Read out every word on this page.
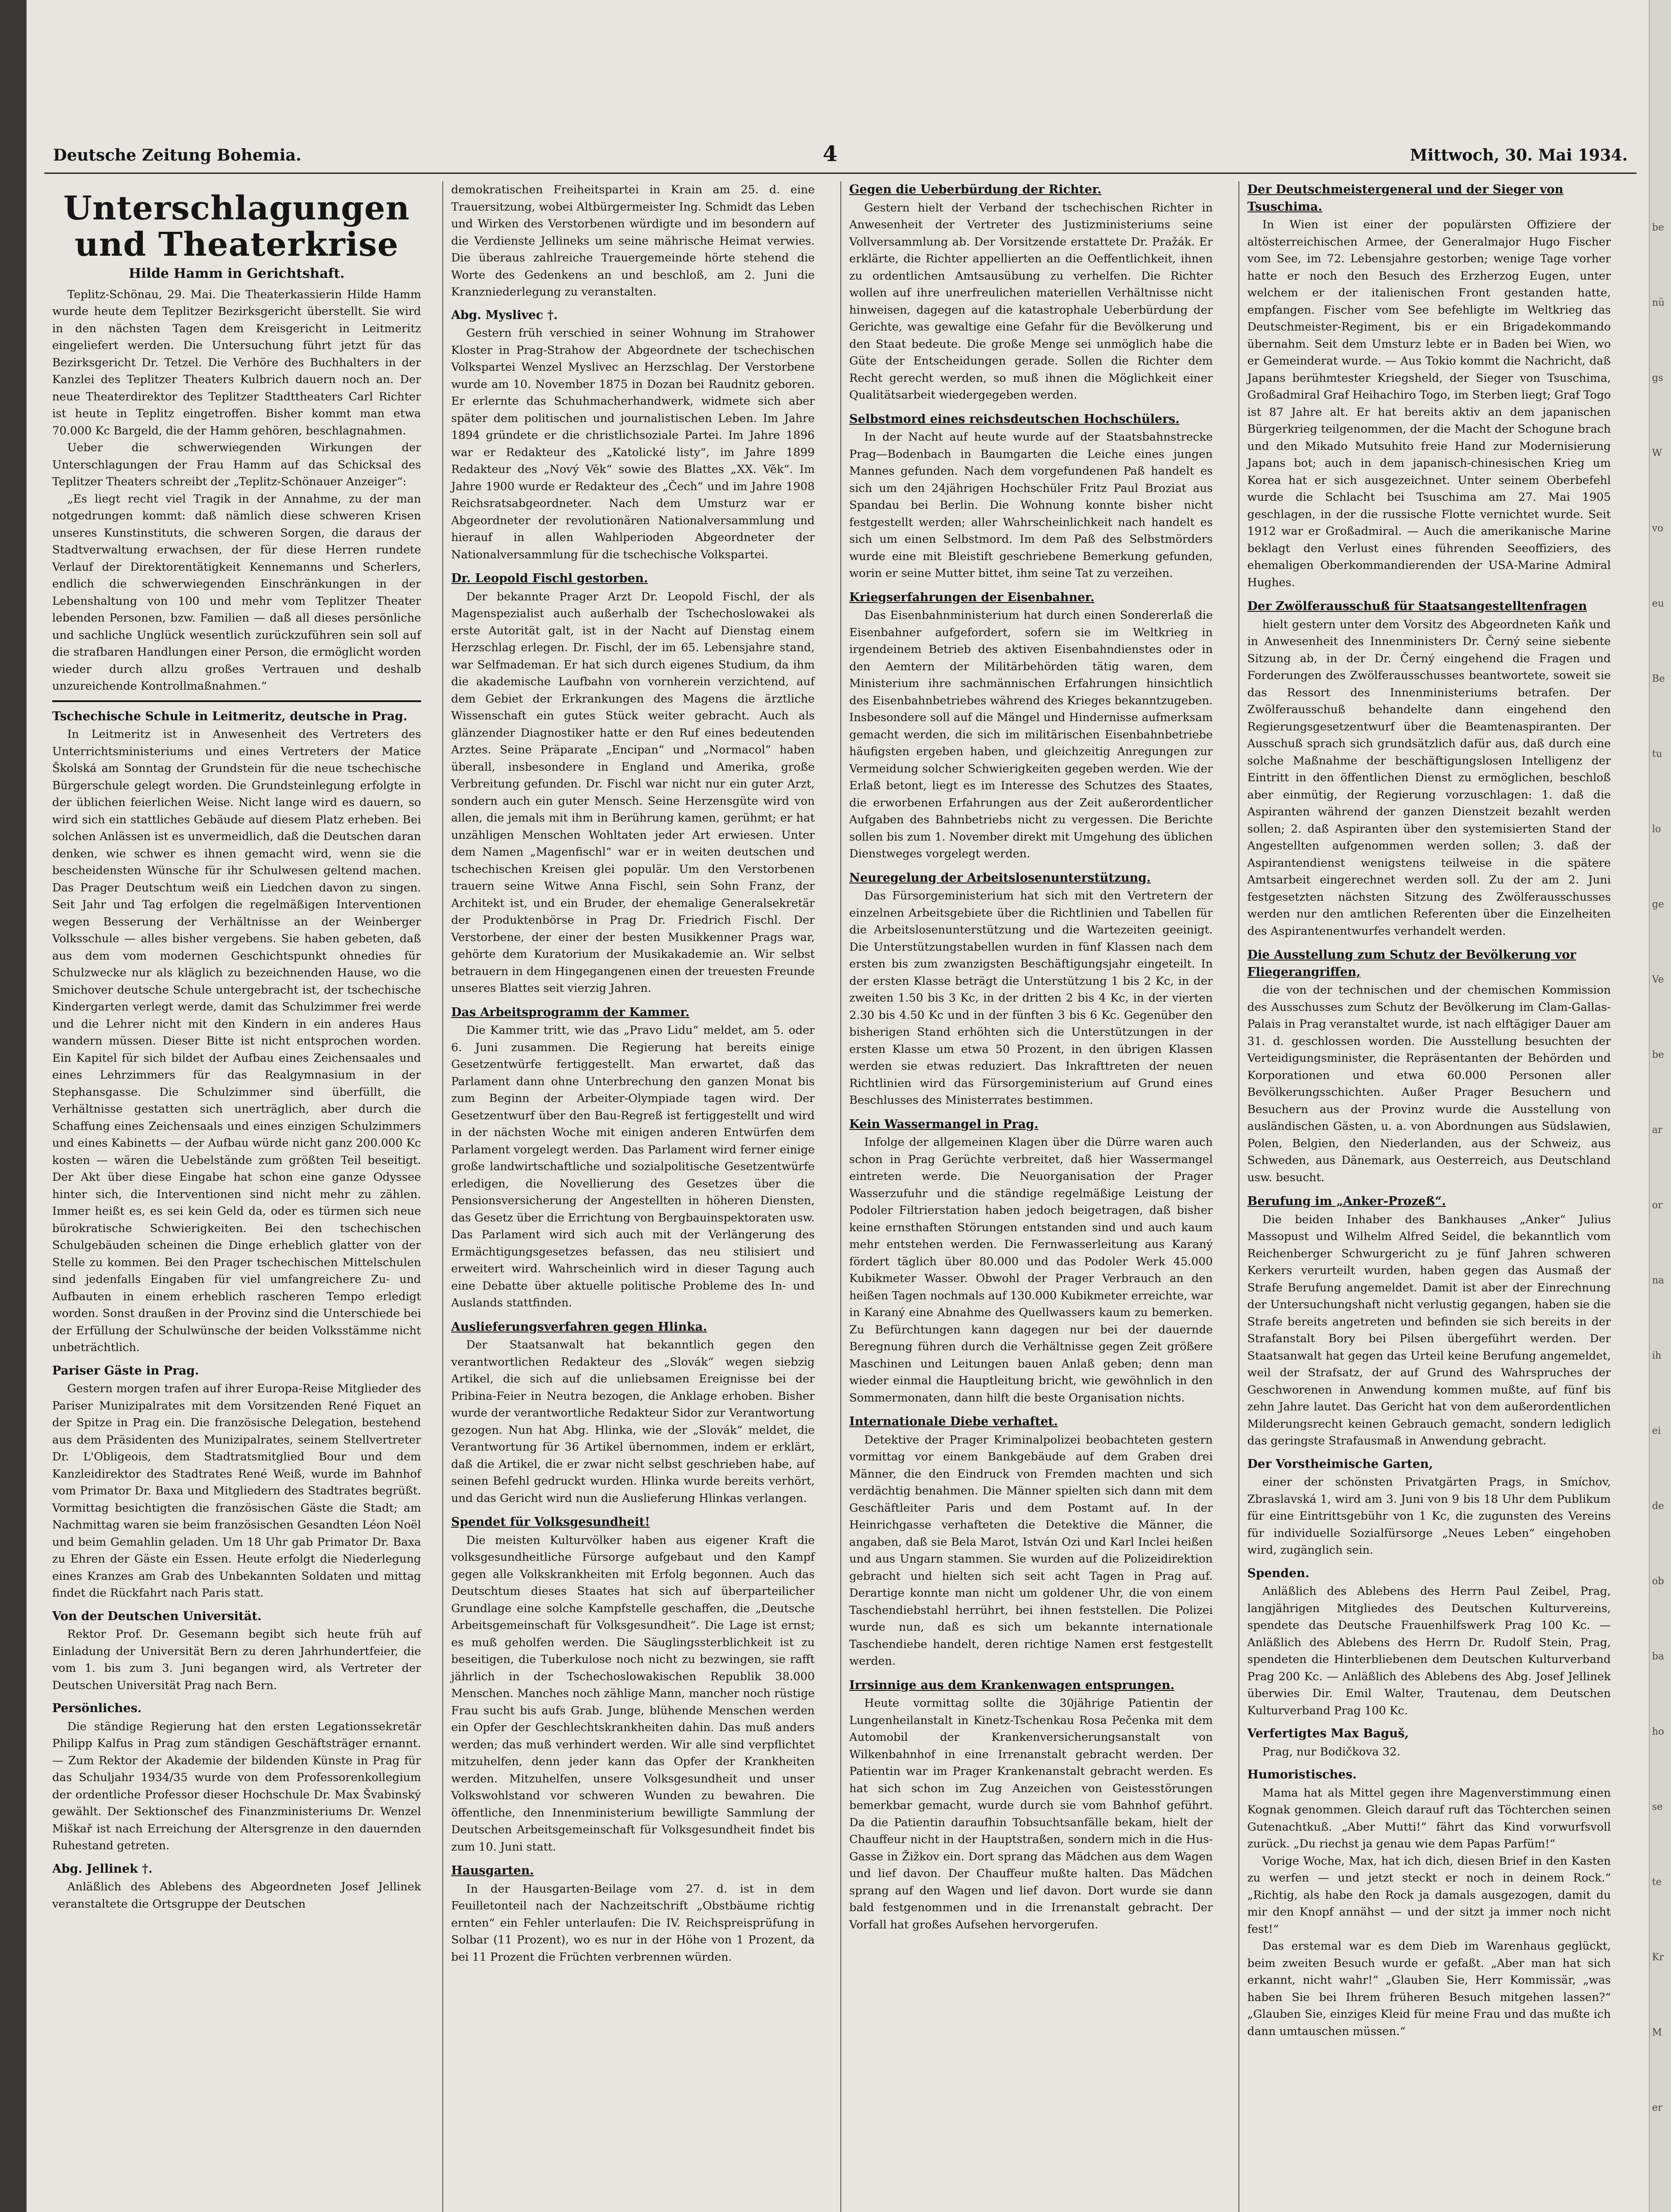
be
nü
gs
W
vo
eu
Be
tu
lo
ge
Ve
be
ar
or
na
ih
ei
de
ob
ba
ho
se
te
Kr
M
er
Deutsche Zeitung Bohemia.	4	Mittwoch, 30. Mai 1934.
Unterschlagungen und Theaterkrise
Hilde Hamm in Gerichtshaft.

Teplitz-Schönau, 29. Mai. Die Theaterkassierin Hilde Hamm wurde heute dem Teplitzer Bezirksgericht überstellt. Sie wird in den nächsten Tagen dem Kreisgericht in Leitmeritz eingeliefert werden. Die Untersuchung führt jetzt für das Bezirksgericht Dr. Tetzel. Die Verhöre des Buchhalters in der Kanzlei des Teplitzer Theaters Kulbrich dauern noch an. Der neue Theaterdirektor des Teplitzer Stadttheaters Carl Richter ist heute in Teplitz eingetroffen. Bisher kommt man etwa 70.000 Kc Bargeld, die der Hamm gehören, beschlagnahmen.

Ueber die schwerwiegenden Wirkungen der Unterschlagungen der Frau Hamm auf das Schicksal des Teplitzer Theaters schreibt der „Teplitz-Schönauer Anzeiger“:

„Es liegt recht viel Tragik in der Annahme, zu der man notgedrungen kommt: daß nämlich diese schweren Krisen unseres Kunstinstituts, die schweren Sorgen, die daraus der Stadtverwaltung erwachsen, der für diese Herren rundete Verlauf der Direktorentätigkeit Kennemanns und Scherlers, endlich die schwerwiegenden Einschränkungen in der Lebenshaltung von 100 und mehr vom Teplitzer Theater lebenden Personen, bzw. Familien — daß all dieses persönliche und sachliche Unglück wesentlich zurückzuführen sein soll auf die strafbaren Handlungen einer Person, die ermöglicht worden wieder durch allzu großes Vertrauen und deshalb unzureichende Kontrollmaßnahmen.“

Tschechische Schule in Leitmeritz, deutsche in Prag.

In Leitmeritz ist in Anwesenheit des Vertreters des Unterrichtsministeriums und eines Vertreters der Matice Školská am Sonntag der Grundstein für die neue tschechische Bürgerschule gelegt worden. Die Grundsteinlegung erfolgte in der üblichen feierlichen Weise. Nicht lange wird es dauern, so wird sich ein stattliches Gebäude auf diesem Platz erheben. Bei solchen Anlässen ist es unvermeidlich, daß die Deutschen daran denken, wie schwer es ihnen gemacht wird, wenn sie die bescheidensten Wünsche für ihr Schulwesen geltend machen. Das Prager Deutschtum weiß ein Liedchen davon zu singen. Seit Jahr und Tag erfolgen die regelmäßigen Interventionen wegen Besserung der Verhältnisse an der Weinberger Volksschule — alles bisher vergebens. Sie haben gebeten, daß aus dem vom modernen Geschichtspunkt ohnedies für Schulzwecke nur als kläglich zu bezeichnenden Hause, wo die Smichover deutsche Schule untergebracht ist, der tschechische Kindergarten verlegt werde, damit das Schulzimmer frei werde und die Lehrer nicht mit den Kindern in ein anderes Haus wandern müssen. Dieser Bitte ist nicht entsprochen worden. Ein Kapitel für sich bildet der Aufbau eines Zeichensaales und eines Lehrzimmers für das Realgymnasium in der Stephansgasse. Die Schulzimmer sind überfüllt, die Verhältnisse gestatten sich unerträglich, aber durch die Schaffung eines Zeichensaals und eines einzigen Schulzimmers und eines Kabinetts — der Aufbau würde nicht ganz 200.000 Kc kosten — wären die Uebelstände zum größten Teil beseitigt. Der Akt über diese Eingabe hat schon eine ganze Odyssee hinter sich, die Interventionen sind nicht mehr zu zählen. Immer heißt es, es sei kein Geld da, oder es türmen sich neue bürokratische Schwierigkeiten. Bei den tschechischen Schulgebäuden scheinen die Dinge erheblich glatter von der Stelle zu kommen. Bei den Prager tschechischen Mittelschulen sind jedenfalls Eingaben für viel umfangreichere Zu- und Aufbauten in einem erheblich rascheren Tempo erledigt worden. Sonst draußen in der Provinz sind die Unterschiede bei der Erfüllung der Schulwünsche der beiden Volksstämme nicht unbeträchtlich.

Pariser Gäste in Prag.

Gestern morgen trafen auf ihrer Europa-Reise Mitglieder des Pariser Munizipalrates mit dem Vorsitzenden René Fiquet an der Spitze in Prag ein. Die französische Delegation, bestehend aus dem Präsidenten des Munizipalrates, seinem Stellvertreter Dr. L'Obligeois, dem Stadtratsmitglied Bour und dem Kanzleidirektor des Stadtrates René Weiß, wurde im Bahnhof vom Primator Dr. Baxa und Mitgliedern des Stadtrates begrüßt. Vormittag besichtigten die französischen Gäste die Stadt; am Nachmittag waren sie beim französischen Gesandten Léon Noël und beim Gemahlin geladen. Um 18 Uhr gab Primator Dr. Baxa zu Ehren der Gäste ein Essen. Heute erfolgt die Niederlegung eines Kranzes am Grab des Unbekannten Soldaten und mittag findet die Rückfahrt nach Paris statt.

Von der Deutschen Universität.

Rektor Prof. Dr. Gesemann begibt sich heute früh auf Einladung der Universität Bern zu deren Jahrhundertfeier, die vom 1. bis zum 3. Juni begangen wird, als Vertreter der Deutschen Universität Prag nach Bern.

Persönliches.

Die ständige Regierung hat den ersten Legationssekretär Philipp Kalfus in Prag zum ständigen Geschäftsträger ernannt. — Zum Rektor der Akademie der bildenden Künste in Prag für das Schuljahr 1934/35 wurde von dem Professorenkollegium der ordentliche Professor dieser Hochschule Dr. Max Švabinský gewählt. Der Sektionschef des Finanzministeriums Dr. Wenzel Miškař ist nach Erreichung der Altersgrenze in den dauernden Ruhestand getreten.

Abg. Jellinek †.

Anläßlich des Ablebens des Abgeordneten Josef Jellinek veranstaltete die Ortsgruppe der Deutschen

demokratischen Freiheitspartei in Krain am 25. d. eine Trauersitzung, wobei Altbürgermeister Ing. Schmidt das Leben und Wirken des Verstorbenen würdigte und im besondern auf die Verdienste Jellineks um seine mährische Heimat verwies. Die überaus zahlreiche Trauergemeinde hörte stehend die Worte des Gedenkens an und beschloß, am 2. Juni die Kranzniederlegung zu veranstalten.

Abg. Myslivec †.

Gestern früh verschied in seiner Wohnung im Strahower Kloster in Prag-Strahow der Abgeordnete der tschechischen Volkspartei Wenzel Myslivec an Herzschlag. Der Verstorbene wurde am 10. November 1875 in Dozan bei Raudnitz geboren. Er erlernte das Schuhmacherhandwerk, widmete sich aber später dem politischen und journalistischen Leben. Im Jahre 1894 gründete er die christlichsoziale Partei. Im Jahre 1896 war er Redakteur des „Katolické listy“, im Jahre 1899 Redakteur des „Nový Věk“ sowie des Blattes „XX. Věk“. Im Jahre 1900 wurde er Redakteur des „Čech“ und im Jahre 1908 Reichsratsabgeordneter. Nach dem Umsturz war er Abgeordneter der revolutionären Nationalversammlung und hierauf in allen Wahlperioden Abgeordneter der Nationalversammlung für die tschechische Volkspartei.

Dr. Leopold Fischl gestorben.

Der bekannte Prager Arzt Dr. Leopold Fischl, der als Magenspezialist auch außerhalb der Tschechoslowakei als erste Autorität galt, ist in der Nacht auf Dienstag einem Herzschlag erlegen. Dr. Fischl, der im 65. Lebensjahre stand, war Selfmademan. Er hat sich durch eigenes Studium, da ihm die akademische Laufbahn von vornherein verzichtend, auf dem Gebiet der Erkrankungen des Magens die ärztliche Wissenschaft ein gutes Stück weiter gebracht. Auch als glänzender Diagnostiker hatte er den Ruf eines bedeutenden Arztes. Seine Präparate „Encipan“ und „Normacol“ haben überall, insbesondere in England und Amerika, große Verbreitung gefunden. Dr. Fischl war nicht nur ein guter Arzt, sondern auch ein guter Mensch. Seine Herzensgüte wird von allen, die jemals mit ihm in Berührung kamen, gerühmt; er hat unzähligen Menschen Wohltaten jeder Art erwiesen. Unter dem Namen „Magenfischl“ war er in weiten deutschen und tschechischen Kreisen glei populär. Um den Verstorbenen trauern seine Witwe Anna Fischl, sein Sohn Franz, der Architekt ist, und ein Bruder, der ehemalige Generalsekretär der Produktenbörse in Prag Dr. Friedrich Fischl. Der Verstorbene, der einer der besten Musikkenner Prags war, gehörte dem Kuratorium der Musikakademie an. Wir selbst betrauern in dem Hingegangenen einen der treuesten Freunde unseres Blattes seit vierzig Jahren.

Das Arbeitsprogramm der Kammer.

Die Kammer tritt, wie das „Pravo Lidu“ meldet, am 5. oder 6. Juni zusammen. Die Regierung hat bereits einige Gesetzentwürfe fertiggestellt. Man erwartet, daß das Parlament dann ohne Unterbrechung den ganzen Monat bis zum Beginn der Arbeiter-Olympiade tagen wird. Der Gesetzentwurf über den Bau-Regreß ist fertiggestellt und wird in der nächsten Woche mit einigen anderen Entwürfen dem Parlament vorgelegt werden. Das Parlament wird ferner einige große landwirtschaftliche und sozialpolitische Gesetzentwürfe erledigen, die Novellierung des Gesetzes über die Pensionsversicherung der Angestellten in höheren Diensten, das Gesetz über die Errichtung von Bergbauinspektoraten usw. Das Parlament wird sich auch mit der Verlängerung des Ermächtigungsgesetzes befassen, das neu stilisiert und erweitert wird. Wahrscheinlich wird in dieser Tagung auch eine Debatte über aktuelle politische Probleme des In- und Auslands stattfinden.

Auslieferungsverfahren gegen Hlinka.

Der Staatsanwalt hat bekanntlich gegen den verantwortlichen Redakteur des „Slovák“ wegen siebzig Artikel, die sich auf die unliebsamen Ereignisse bei der Pribina-Feier in Neutra bezogen, die Anklage erhoben. Bisher wurde der verantwortliche Redakteur Sidor zur Verantwortung gezogen. Nun hat Abg. Hlinka, wie der „Slovák“ meldet, die Verantwortung für 36 Artikel übernommen, indem er erklärt, daß die Artikel, die er zwar nicht selbst geschrieben habe, auf seinen Befehl gedruckt wurden. Hlinka wurde bereits verhört, und das Gericht wird nun die Auslieferung Hlinkas verlangen.

Spendet für Volksgesundheit!

Die meisten Kulturvölker haben aus eigener Kraft die volksgesundheitliche Fürsorge aufgebaut und den Kampf gegen alle Volkskrankheiten mit Erfolg begonnen. Auch das Deutschtum dieses Staates hat sich auf überparteilicher Grundlage eine solche Kampfstelle geschaffen, die „Deutsche Arbeitsgemeinschaft für Volksgesundheit“. Die Lage ist ernst; es muß geholfen werden. Die Säuglingssterblichkeit ist zu beseitigen, die Tuberkulose noch nicht zu bezwingen, sie rafft jährlich in der Tschechoslowakischen Republik 38.000 Menschen. Manches noch zählige Mann, mancher noch rüstige Frau sucht bis aufs Grab. Junge, blühende Menschen werden ein Opfer der Geschlechtskrankheiten dahin. Das muß anders werden; das muß verhindert werden. Wir alle sind verpflichtet mitzuhelfen, denn jeder kann das Opfer der Krankheiten werden. Mitzuhelfen, unsere Volksgesundheit und unser Volkswohlstand vor schweren Wunden zu bewahren. Die öffentliche, den Innenministerium bewilligte Sammlung der Deutschen Arbeitsgemeinschaft für Volksgesundheit findet bis zum 10. Juni statt.

Hausgarten.

In der Hausgarten-Beilage vom 27. d. ist in dem Feuilletonteil nach der Nachzeitschrift „Obstbäume richtig ernten“ ein Fehler unterlaufen: Die IV. Reichspreisprüfung in Solbar (11 Prozent), wo es nur in der Höhe von 1 Prozent, da bei 11 Prozent die Früchten verbrennen würden.

Gegen die Ueberbürdung der Richter.

Gestern hielt der Verband der tschechischen Richter in Anwesenheit der Vertreter des Justizministeriums seine Vollversammlung ab. Der Vorsitzende erstattete Dr. Pražák. Er erklärte, die Richter appellierten an die Oeffentlichkeit, ihnen zu ordentlichen Amtsausübung zu verhelfen. Die Richter wollen auf ihre unerfreulichen materiellen Verhältnisse nicht hinweisen, dagegen auf die katastrophale Ueberbürdung der Gerichte, was gewaltige eine Gefahr für die Bevölkerung und den Staat bedeute. Die große Menge sei unmöglich habe die Güte der Entscheidungen gerade. Sollen die Richter dem Recht gerecht werden, so muß ihnen die Möglichkeit einer Qualitätsarbeit wiedergegeben werden.

Selbstmord eines reichsdeutschen Hochschülers.

In der Nacht auf heute wurde auf der Staatsbahnstrecke Prag—Bodenbach in Baumgarten die Leiche eines jungen Mannes gefunden. Nach dem vorgefundenen Paß handelt es sich um den 24jährigen Hochschüler Fritz Paul Broziat aus Spandau bei Berlin. Die Wohnung konnte bisher nicht festgestellt werden; aller Wahrscheinlichkeit nach handelt es sich um einen Selbstmord. Im dem Paß des Selbstmörders wurde eine mit Bleistift geschriebene Bemerkung gefunden, worin er seine Mutter bittet, ihm seine Tat zu verzeihen.

Kriegserfahrungen der Eisenbahner.

Das Eisenbahnministerium hat durch einen Sondererlaß die Eisenbahner aufgefordert, sofern sie im Weltkrieg in irgendeinem Betrieb des aktiven Eisenbahndienstes oder in den Aemtern der Militärbehörden tätig waren, dem Ministerium ihre sachmännischen Erfahrungen hinsichtlich des Eisenbahnbetriebes während des Krieges bekanntzugeben. Insbesondere soll auf die Mängel und Hindernisse aufmerksam gemacht werden, die sich im militärischen Eisenbahnbetriebe häufigsten ergeben haben, und gleichzeitig Anregungen zur Vermeidung solcher Schwierigkeiten gegeben werden. Wie der Erlaß betont, liegt es im Interesse des Schutzes des Staates, die erworbenen Erfahrungen aus der Zeit außerordentlicher Aufgaben des Bahnbetriebs nicht zu vergessen. Die Berichte sollen bis zum 1. November direkt mit Umgehung des üblichen Dienstweges vorgelegt werden.

Neuregelung der Arbeitslosenunterstützung.

Das Fürsorgeministerium hat sich mit den Vertretern der einzelnen Arbeitsgebiete über die Richtlinien und Tabellen für die Arbeitslosenunterstützung und die Wartezeiten geeinigt. Die Unterstützungstabellen wurden in fünf Klassen nach dem ersten bis zum zwanzigsten Beschäftigungsjahr eingeteilt. In der ersten Klasse beträgt die Unterstützung 1 bis 2 Kc, in der zweiten 1.50 bis 3 Kc, in der dritten 2 bis 4 Kc, in der vierten 2.30 bis 4.50 Kc und in der fünften 3 bis 6 Kc. Gegenüber den bisherigen Stand erhöhten sich die Unterstützungen in der ersten Klasse um etwa 50 Prozent, in den übrigen Klassen werden sie etwas reduziert. Das Inkrafttreten der neuen Richtlinien wird das Fürsorgeministerium auf Grund eines Beschlusses des Ministerrates bestimmen.

Kein Wassermangel in Prag.

Infolge der allgemeinen Klagen über die Dürre waren auch schon in Prag Gerüchte verbreitet, daß hier Wassermangel eintreten werde. Die Neuorganisation der Prager Wasserzufuhr und die ständige regelmäßige Leistung der Podoler Filtrierstation haben jedoch beigetragen, daß bisher keine ernsthaften Störungen entstanden sind und auch kaum mehr entstehen werden. Die Fernwasserleitung aus Karaný fördert täglich über 80.000 und das Podoler Werk 45.000 Kubikmeter Wasser. Obwohl der Prager Verbrauch an den heißen Tagen nochmals auf 130.000 Kubikmeter erreichte, war in Karaný eine Abnahme des Quellwassers kaum zu bemerken. Zu Befürchtungen kann dagegen nur bei der dauernde Beregnung führen durch die Verhältnisse gegen Zeit größere Maschinen und Leitungen bauen Anlaß geben; denn man wieder einmal die Hauptleitung bricht, wie gewöhnlich in den Sommermonaten, dann hilft die beste Organisation nichts.

Internationale Diebe verhaftet.

Detektive der Prager Kriminalpolizei beobachteten gestern vormittag vor einem Bankgebäude auf dem Graben drei Männer, die den Eindruck von Fremden machten und sich verdächtig benahmen. Die Männer spielten sich dann mit dem Geschäftleiter Paris und dem Postamt auf. In der Heinrichgasse verhafteten die Detektive die Männer, die angaben, daß sie Bela Marot, István Ozi und Karl Inclei heißen und aus Ungarn stammen. Sie wurden auf die Polizeidirektion gebracht und hielten sich seit acht Tagen in Prag auf. Derartige konnte man nicht um goldener Uhr, die von einem Taschendiebstahl herrührt, bei ihnen feststellen. Die Polizei wurde nun, daß es sich um bekannte internationale Taschendiebe handelt, deren richtige Namen erst festgestellt werden.

Irrsinnige aus dem Krankenwagen entsprungen.

Heute vormittag sollte die 30jährige Patientin der Lungenheilanstalt in Kinetz-Tschenkau Rosa Pečenka mit dem Automobil der Krankenversicherungsanstalt von Wilkenbahnhof in eine Irrenanstalt gebracht werden. Der Patientin war im Prager Krankenanstalt gebracht werden. Es hat sich schon im Zug Anzeichen von Geistesstörungen bemerkbar gemacht, wurde durch sie vom Bahnhof geführt. Da die Patientin daraufhin Tobsuchtsanfälle bekam, hielt der Chauffeur nicht in der Hauptstraßen, sondern mich in die Hus-Gasse in Žižkov ein. Dort sprang das Mädchen aus dem Wagen und lief davon. Der Chauffeur mußte halten. Das Mädchen sprang auf den Wagen und lief davon. Dort wurde sie dann bald festgenommen und in die Irrenanstalt gebracht. Der Vorfall hat großes Aufsehen hervorgerufen.

Der Deutschmeistergeneral und der Sieger von Tsuschima.

In Wien ist einer der populärsten Offiziere der altösterreichischen Armee, der Generalmajor Hugo Fischer vom See, im 72. Lebensjahre gestorben; wenige Tage vorher hatte er noch den Besuch des Erzherzog Eugen, unter welchem er der italienischen Front gestanden hatte, empfangen. Fischer vom See befehligte im Weltkrieg das Deutschmeister-Regiment, bis er ein Brigadekommando übernahm. Seit dem Umsturz lebte er in Baden bei Wien, wo er Gemeinderat wurde. — Aus Tokio kommt die Nachricht, daß Japans berühmtester Kriegsheld, der Sieger von Tsuschima, Großadmiral Graf Heihachiro Togo, im Sterben liegt; Graf Togo ist 87 Jahre alt. Er hat bereits aktiv an dem japanischen Bürgerkrieg teilgenommen, der die Macht der Schogune brach und den Mikado Mutsuhito freie Hand zur Modernisierung Japans bot; auch in dem japanisch-chinesischen Krieg um Korea hat er sich ausgezeichnet. Unter seinem Oberbefehl wurde die Schlacht bei Tsuschima am 27. Mai 1905 geschlagen, in der die russische Flotte vernichtet wurde. Seit 1912 war er Großadmiral. — Auch die amerikanische Marine beklagt den Verlust eines führenden Seeoffiziers, des ehemaligen Oberkommandierenden der USA-Marine Admiral Hughes.

Der Zwölferausschuß für Staatsangestelltenfragen

hielt gestern unter dem Vorsitz des Abgeordneten Kaňk und in Anwesenheit des Innenministers Dr. Černý seine siebente Sitzung ab, in der Dr. Černý eingehend die Fragen und Forderungen des Zwölferausschusses beantwortete, soweit sie das Ressort des Innenministeriums betrafen. Der Zwölferausschuß behandelte dann eingehend den Regierungsgesetzentwurf über die Beamtenaspiranten. Der Ausschuß sprach sich grundsätzlich dafür aus, daß durch eine solche Maßnahme der beschäftigungslosen Intelligenz der Eintritt in den öffentlichen Dienst zu ermöglichen, beschloß aber einmütig, der Regierung vorzuschlagen: 1. daß die Aspiranten während der ganzen Dienstzeit bezahlt werden sollen; 2. daß Aspiranten über den systemisierten Stand der Angestellten aufgenommen werden sollen; 3. daß der Aspirantendienst wenigstens teilweise in die spätere Amtsarbeit eingerechnet werden soll. Zu der am 2. Juni festgesetzten nächsten Sitzung des Zwölferausschusses werden nur den amtlichen Referenten über die Einzelheiten des Aspirantenentwurfes verhandelt werden.

Die Ausstellung zum Schutz der Bevölkerung vor Fliegerangriffen,

die von der technischen und der chemischen Kommission des Ausschusses zum Schutz der Bevölkerung im Clam-Gallas-Palais in Prag veranstaltet wurde, ist nach elftägiger Dauer am 31. d. geschlossen worden. Die Ausstellung besuchten der Verteidigungsminister, die Repräsentanten der Behörden und Korporationen und etwa 60.000 Personen aller Bevölkerungsschichten. Außer Prager Besuchern und Besuchern aus der Provinz wurde die Ausstellung von ausländischen Gästen, u. a. von Abordnungen aus Südslawien, Polen, Belgien, den Niederlanden, aus der Schweiz, aus Schweden, aus Dänemark, aus Oesterreich, aus Deutschland usw. besucht.

Berufung im „Anker-Prozeß“.

Die beiden Inhaber des Bankhauses „Anker“ Julius Massopust und Wilhelm Alfred Seidel, die bekanntlich vom Reichenberger Schwurgericht zu je fünf Jahren schweren Kerkers verurteilt wurden, haben gegen das Ausmaß der Strafe Berufung angemeldet. Damit ist aber der Einrechnung der Untersuchungshaft nicht verlustig gegangen, haben sie die Strafe bereits angetreten und befinden sie sich bereits in der Strafanstalt Bory bei Pilsen übergeführt werden. Der Staatsanwalt hat gegen das Urteil keine Berufung angemeldet, weil der Strafsatz, der auf Grund des Wahrspruches der Geschworenen in Anwendung kommen mußte, auf fünf bis zehn Jahre lautet. Das Gericht hat von dem außerordentlichen Milderungsrecht keinen Gebrauch gemacht, sondern lediglich das geringste Strafausmaß in Anwendung gebracht.

Der Vorstheimische Garten,

einer der schönsten Privatgärten Prags, in Smíchov, Zbraslavská 1, wird am 3. Juni von 9 bis 18 Uhr dem Publikum für eine Eintrittsgebühr von 1 Kc, die zugunsten des Vereins für individuelle Sozialfürsorge „Neues Leben“ eingehoben wird, zugänglich sein.

Spenden.

Anläßlich des Ablebens des Herrn Paul Zeibel, Prag, langjährigen Mitgliedes des Deutschen Kulturvereins, spendete das Deutsche Frauenhilfswerk Prag 100 Kc. — Anläßlich des Ablebens des Herrn Dr. Rudolf Stein, Prag, spendeten die Hinterbliebenen dem Deutschen Kulturverband Prag 200 Kc. — Anläßlich des Ablebens des Abg. Josef Jellinek überwies Dir. Emil Walter, Trautenau, dem Deutschen Kulturverband Prag 100 Kc.

Verfertigtes Max Baguš,

Prag, nur Bodičkova 32.

Humoristisches.

Mama hat als Mittel gegen ihre Magenverstimmung einen Kognak genommen. Gleich darauf ruft das Töchterchen seinen Gutenachtkuß. „Aber Mutti!“ fährt das Kind vorwurfsvoll zurück. „Du riechst ja genau wie dem Papas Parfüm!“

Vorige Woche, Max, hat ich dich, diesen Brief in den Kasten zu werfen — und jetzt steckt er noch in deinem Rock.“ „Richtig, als habe den Rock ja damals ausgezogen, damit du mir den Knopf annähst — und der sitzt ja immer noch nicht fest!“

Das erstemal war es dem Dieb im Warenhaus geglückt, beim zweiten Besuch wurde er gefaßt. „Aber man hat sich erkannt, nicht wahr!“ „Glauben Sie, Herr Kommissär, „was haben Sie bei Ihrem früheren Besuch mitgehen lassen?“ „Glauben Sie, einziges Kleid für meine Frau und das mußte ich dann umtauschen müssen.“
